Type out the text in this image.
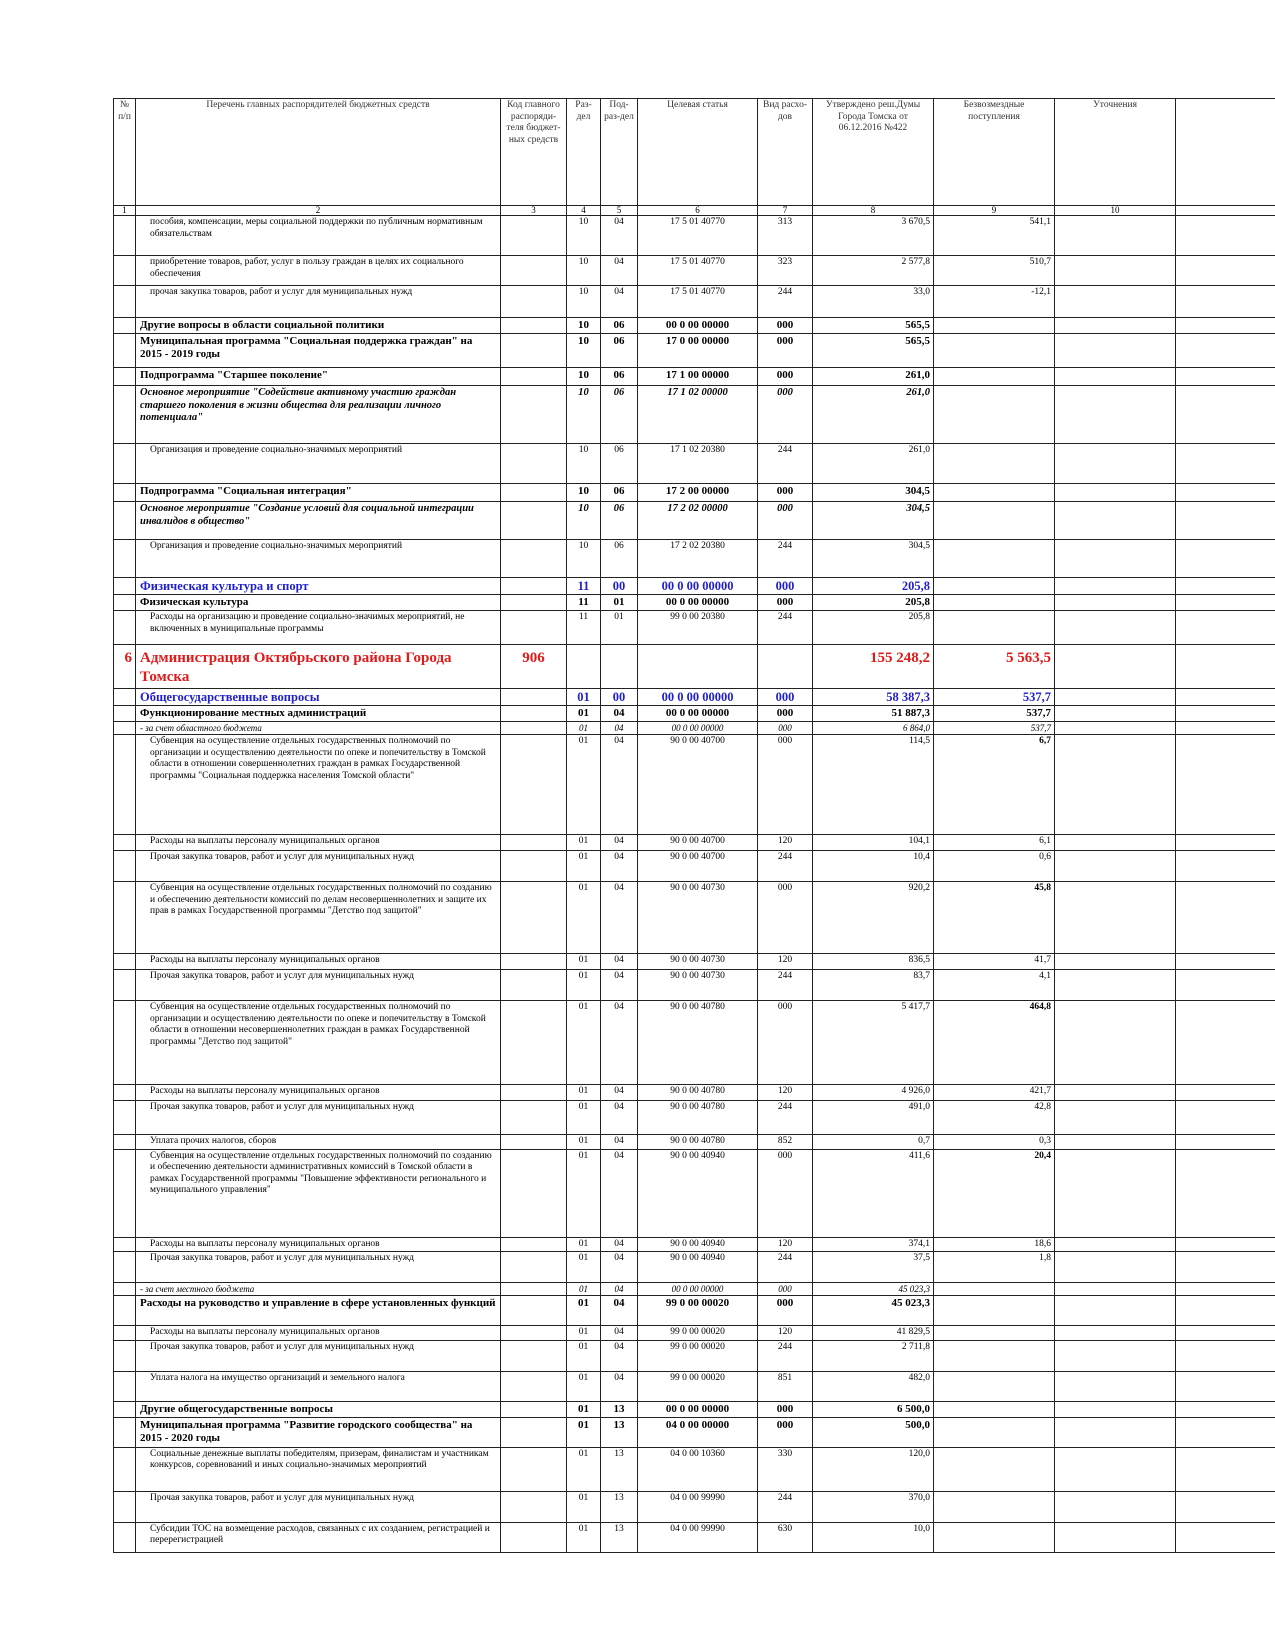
№ п/п	Перечень главных распорядителей бюджетных средств	Код главного распоряди-теля бюджет-ных средств	Раз-дел	Под-раз-дел	Целевая статья	Вид расхо-дов	Утверждено реш.Думы Города Томска от 06.12.2016 №422	Безвозмездные поступления	Уточнения	
1	2	3	4	5	6	7	8	9	10	
	пособия, компенсации, меры социальной поддержки по публичным нормативным обязательствам		10	04	17 5 01 40770	313	3 670,5	541,1		
	приобретение товаров, работ, услуг в пользу граждан в целях их социального обеспечения		10	04	17 5 01 40770	323	2 577,8	510,7		
	прочая закупка товаров, работ и услуг для муниципальных нужд		10	04	17 5 01 40770	244	33,0	-12,1		
	Другие вопросы в области социальной политики		10	06	00 0 00 00000	000	565,5			
	Муниципальная программа "Социальная поддержка граждан" на 2015 - 2019 годы		10	06	17 0 00 00000	000	565,5			
	Подпрограмма "Старшее поколение"		10	06	17 1 00 00000	000	261,0			
	Основное мероприятие "Содействие активному участию граждан старшего поколения в жизни общества для реализации личного потенциала"		10	06	17 1 02 00000	000	261,0			
	Организация и проведение социально-значимых мероприятий		10	06	17 1 02 20380	244	261,0			
	Подпрограмма "Социальная интеграция"		10	06	17 2 00 00000	000	304,5			
	Основное мероприятие "Создание условий для социальной интеграции инвалидов в общество"		10	06	17 2 02 00000	000	304,5			
	Организация и проведение социально-значимых мероприятий		10	06	17 2 02 20380	244	304,5			
	Физическая культура и спорт		11	00	00 0 00 00000	000	205,8			
	Физическая культура		11	01	00 0 00 00000	000	205,8			
	Расходы на организацию и проведение социально-значимых мероприятий, не включенных в муниципальные программы		11	01	99 0 00 20380	244	205,8			
6	Администрация Октябрьского района Города Томска	906					155 248,2	5 563,5		
	Общегосударственные вопросы		01	00	00 0 00 00000	000	58 387,3	537,7		
	Функционирование местных администраций		01	04	00 0 00 00000	000	51 887,3	537,7		
	- за счет областного бюджета		01	04	00 0 00 00000	000	6 864,0	537,7		
	Субвенция на осуществление отдельных государственных полномочий по организации и осуществлению деятельности по опеке и попечительству в Томской области в отношении совершеннолетних граждан в рамках Государственной программы "Социальная поддержка населения Томской области"		01	04	90 0 00 40700	000	114,5	6,7		
	Расходы на выплаты персоналу муниципальных органов		01	04	90 0 00 40700	120	104,1	6,1		
	Прочая закупка товаров, работ и услуг для муниципальных нужд		01	04	90 0 00 40700	244	10,4	0,6		
	Субвенция на осуществление отдельных государственных полномочий по созданию и обеспечению деятельности комиссий по делам несовершеннолетних и защите их прав в рамках Государственной программы "Детство под защитой"		01	04	90 0 00 40730	000	920,2	45,8		
	Расходы на выплаты персоналу муниципальных органов		01	04	90 0 00 40730	120	836,5	41,7		
	Прочая закупка товаров, работ и услуг для муниципальных нужд		01	04	90 0 00 40730	244	83,7	4,1		
	Субвенция на осуществление отдельных государственных полномочий по организации и осуществлению деятельности по опеке и попечительству в Томской области в отношении несовершеннолетних граждан в рамках Государственной программы "Детство под защитой"		01	04	90 0 00 40780	000	5 417,7	464,8		
	Расходы на выплаты персоналу муниципальных органов		01	04	90 0 00 40780	120	4 926,0	421,7		
	Прочая закупка товаров, работ и услуг для муниципальных нужд		01	04	90 0 00 40780	244	491,0	42,8		
	Уплата прочих налогов, сборов		01	04	90 0 00 40780	852	0,7	0,3		
	Субвенция на осуществление отдельных государственных полномочий по созданию и обеспечению деятельности административных комиссий в Томской области в рамках Государственной программы "Повышение эффективности регионального и муниципального управления"		01	04	90 0 00 40940	000	411,6	20,4		
	Расходы на выплаты персоналу муниципальных органов		01	04	90 0 00 40940	120	374,1	18,6		
	Прочая закупка товаров, работ и услуг для муниципальных нужд		01	04	90 0 00 40940	244	37,5	1,8		
	- за счет местного бюджета		01	04	00 0 00 00000	000	45 023,3			
	Расходы на руководство и управление в сфере установленных функций		01	04	99 0 00 00020	000	45 023,3			
	Расходы на выплаты персоналу муниципальных органов		01	04	99 0 00 00020	120	41 829,5			
	Прочая закупка товаров, работ и услуг для муниципальных нужд		01	04	99 0 00 00020	244	2 711,8			
	Уплата налога на имущество организаций и земельного налога		01	04	99 0 00 00020	851	482,0			
	Другие общегосударственные вопросы		01	13	00 0 00 00000	000	6 500,0			
	Муниципальная программа "Развитие городского сообщества" на 2015 - 2020 годы		01	13	04 0 00 00000	000	500,0			
	Социальные денежные выплаты победителям, призерам, финалистам и участникам конкурсов, соревнований и иных социально-значимых мероприятий		01	13	04 0 00 10360	330	120,0			
	Прочая закупка товаров, работ и услуг для муниципальных нужд		01	13	04 0 00 99990	244	370,0			
	Субсидии ТОС на возмещение расходов, связанных с их созданием, регистрацией и перерегистрацией		01	13	04 0 00 99990	630	10,0			
